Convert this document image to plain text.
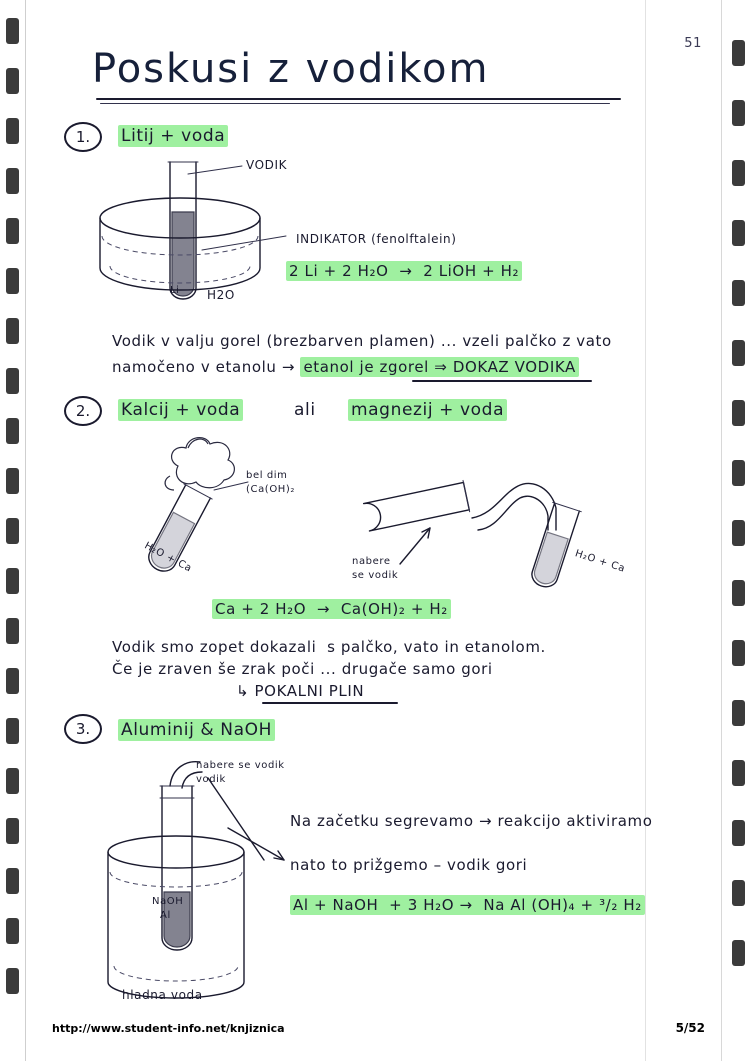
51
Poskusi z vodikom
1.	Litij + voda
Li H2O
VODIK
INDIKATOR (fenolftalein)
2 Li + 2 H₂O  →  2 LiOH + H₂
Vodik v valju gorel (brezbarven plamen) ... vzeli palčko z vato
namočeno v etanolu → etanol je zgorel ⇒ DOKAZ VODIKA
2.	Kalcij + voda	ali magnezij + voda
bel dim
(Ca(OH)₂
H₂O + Ca	nabere
se vodik
H₂O + Ca
Ca + 2 H₂O  →  Ca(OH)₂ + H₂
Vodik smo zopet dokazali  s palčko, vato in etanolom.
Če je zraven še zrak poči ... drugače samo gori
↳ POKALNI PLIN
3.	Aluminij & NaOH
nabere se vodik
vodik
NaOH
Al
hladna voda
Na začetku segrevamo → reakcijo aktiviramo
nato to prižgemo – vodik gori
Al + NaOH  + 3 H₂O →  Na Al (OH)₄ + ³/₂ H₂
http://www.student-info.net/knjiznica	5/52
